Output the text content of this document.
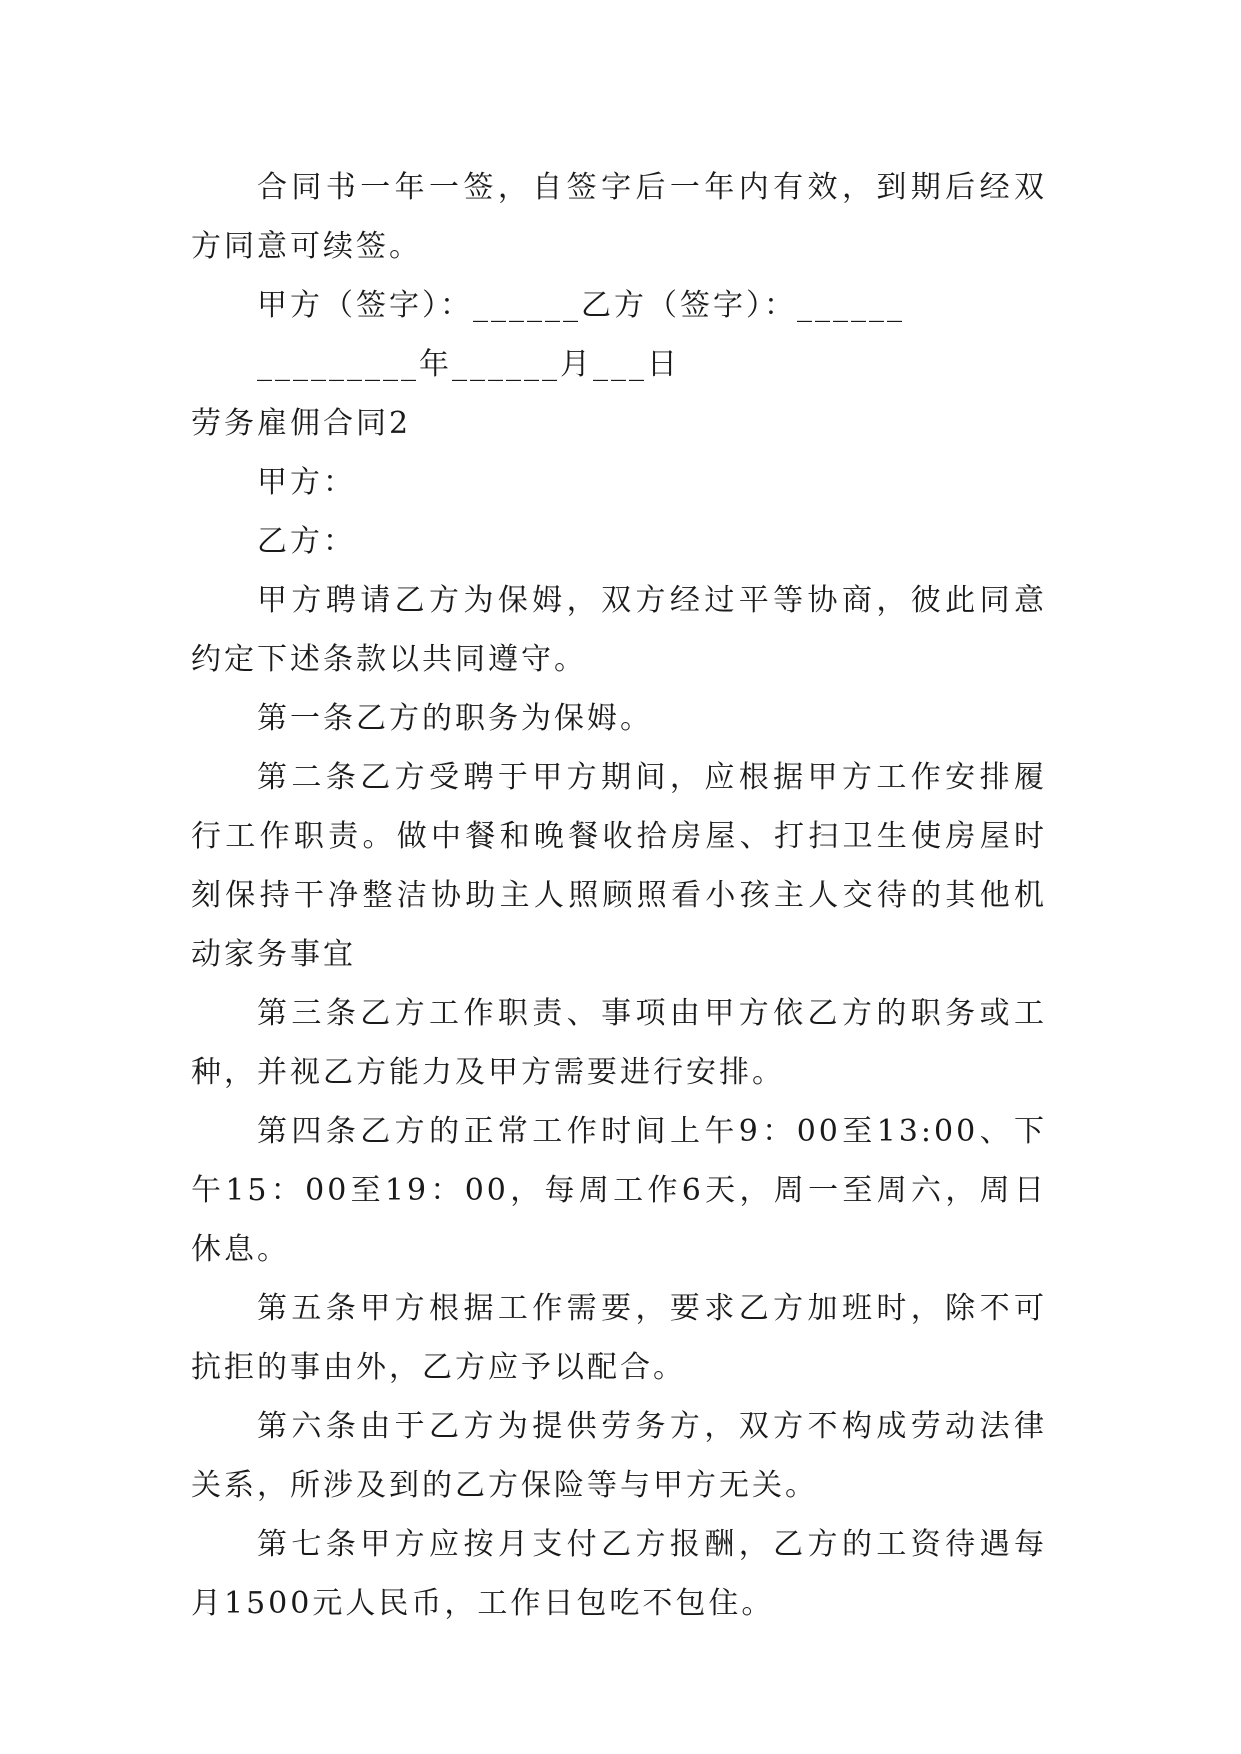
合同书一年一签，自签字后一年内有效，到期后经双方同意可续签。

甲方（签字）：______乙方（签字）：______

_________年______月___日

劳务雇佣合同2

甲方：

乙方：

甲方聘请乙方为保姆，双方经过平等协商，彼此同意约定下述条款以共同遵守。

第一条乙方的职务为保姆。

第二条乙方受聘于甲方期间，应根据甲方工作安排履行工作职责。做中餐和晚餐收拾房屋、打扫卫生使房屋时刻保持干净整洁协助主人照顾照看小孩主人交待的其他机动家务事宜

第三条乙方工作职责、事项由甲方依乙方的职务或工种，并视乙方能力及甲方需要进行安排。

第四条乙方的正常工作时间上午9：00至13:00、下午15：00至19：00，每周工作6天，周一至周六，周日休息。

第五条甲方根据工作需要，要求乙方加班时，除不可抗拒的事由外，乙方应予以配合。

第六条由于乙方为提供劳务方，双方不构成劳动法律关系，所涉及到的乙方保险等与甲方无关。

第七条甲方应按月支付乙方报酬，乙方的工资待遇每月1500元人民币，工作日包吃不包住。
